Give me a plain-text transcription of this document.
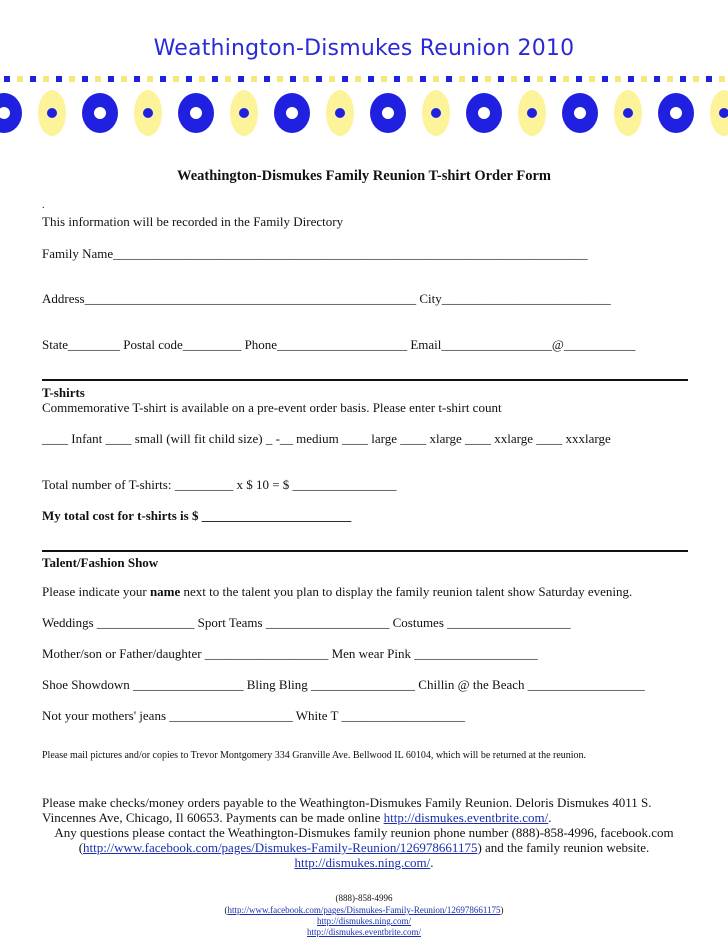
Weathington-Dismukes Reunion 2010
Weathington-Dismukes Family Reunion T-shirt Order Form
.
This information will be recorded in the Family Directory
Family Name_________________________________________________________________________
Address___________________________________________________ City__________________________
State________ Postal code_________ Phone____________________ Email_________________@___________
T-shirts
Commemorative T-shirt is available on a pre-event order basis. Please enter t-shirt count
____ Infant ____ small (will fit child size) _ -__ medium ____ large ____ xlarge ____ xxlarge ____ xxxlarge
Total number of T-shirts: _________ x $ 10 = $ ________________
My total cost for t-shirts is $ _______________________
Talent/Fashion Show
Please indicate your name next to the talent you plan to display the family reunion talent show Saturday evening.
Weddings _______________ Sport Teams ___________________ Costumes ___________________
Mother/son or Father/daughter ___________________ Men wear Pink ___________________
Shoe Showdown _________________ Bling Bling ________________ Chillin @ the Beach __________________
Not your mothers' jeans ___________________ White T ___________________
Please mail pictures and/or copies to Trevor Montgomery 334 Granville Ave. Bellwood IL 60104, which will be returned at the reunion.
Please make checks/money orders payable to the Weathington-Dismukes Family Reunion. Deloris Dismukes 4011 S.
Vincennes Ave, Chicago, Il 60653. Payments can be made online http://dismukes.eventbrite.com/.
Any questions please contact the Weathington-Dismukes family reunion phone number (888)-858-4996, facebook.com
(http://www.facebook.com/pages/Dismukes-Family-Reunion/126978661175) and the family reunion website.
http://dismukes.ning.com/.
(888)-858-4996
(http://www.facebook.com/pages/Dismukes-Family-Reunion/126978661175)
http://dismukes.ning.com/
http://dismukes.eventbrite.com/
